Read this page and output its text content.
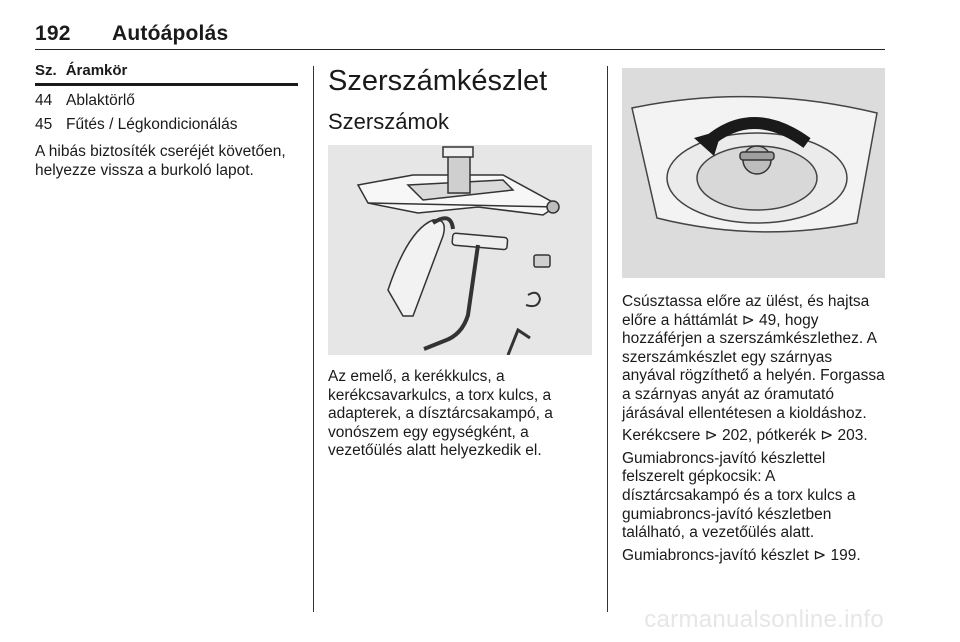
192 Autóápolás
Sz. Áramkör
44 Ablaktörlő
45 Fűtés / Légkondicionálás

A hibás biztosíték cseréjét követően, helyezze vissza a burkoló lapot.

Szerszámkészlet
Szerszámok

Az emelő, a kerékkulcs, a kerékcsavarkulcs, a torx kulcs, a adapterek, a dísztárcsakampó, a vonószem egy egységként, a vezetőülés alatt helyezkedik el.

Csúsztassa előre az ülést, és hajtsa előre a háttámlát ⊳ 49, hogy hozzáférjen a szerszámkészlethez. A szerszámkészlet egy szárnyas anyával rögzíthető a helyén. Forgassa a szárnyas anyát az óramutató járásával ellentétesen a kioldáshoz.

Kerékcsere ⊳ 202, pótkerék ⊳ 203.

Gumiabroncs-javító készlettel felszerelt gépkocsik: A dísztárcsakampó és a torx kulcs a gumiabroncs-javító készletben található, a vezetőülés alatt.

Gumiabroncs-javító készlet ⊳ 199.

carmanualsonline.info
